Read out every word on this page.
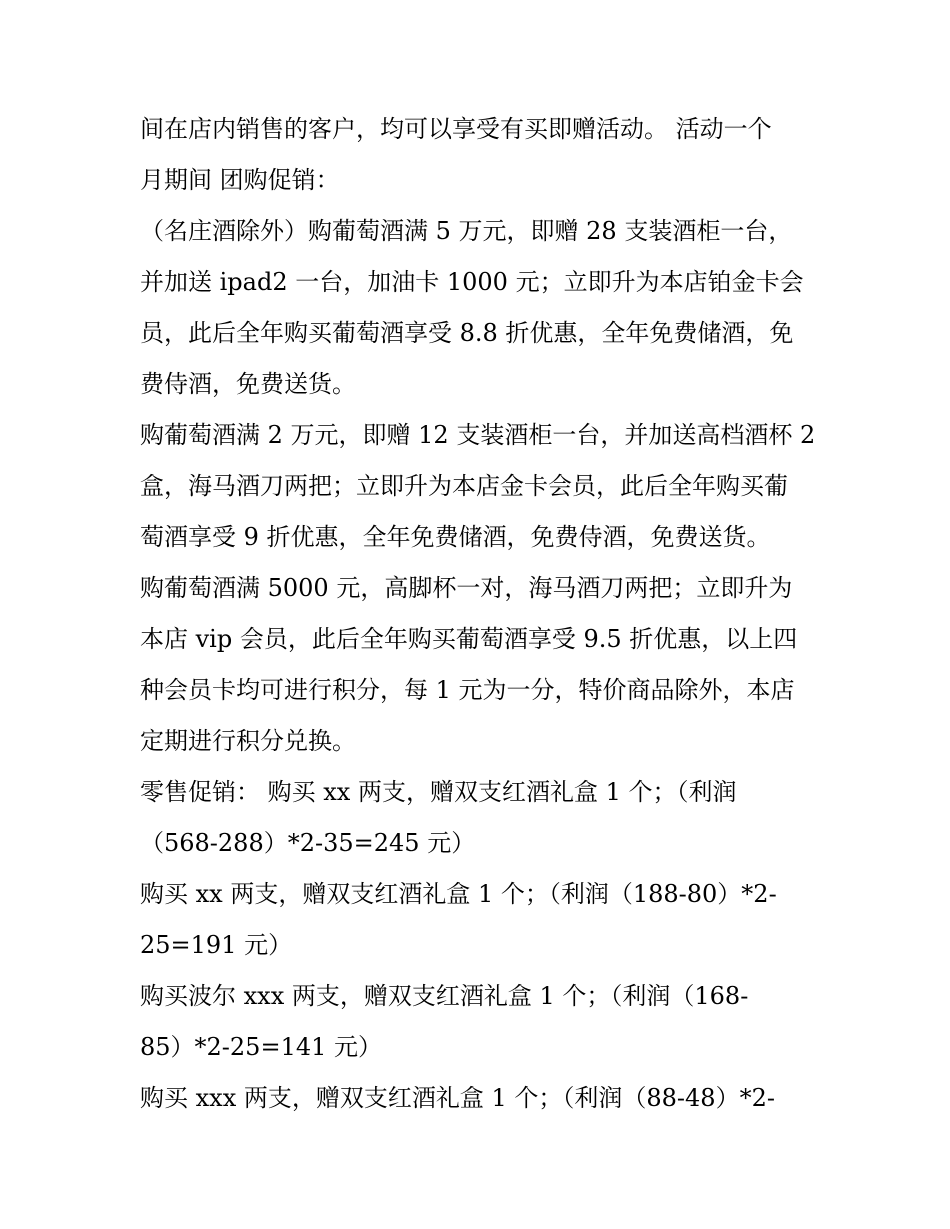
间在店内销售的客户，均可以享受有买即赠活动。 活动一个

月期间 团购促销：

（名庄酒除外）购葡萄酒满 5 万元，即赠 28 支装酒柜一台，

并加送 ipad2 一台，加油卡 1000 元；立即升为本店铂金卡会

员，此后全年购买葡萄酒享受 8.8 折优惠，全年免费储酒，免

费侍酒，免费送货。

购葡萄酒满 2 万元，即赠 12 支装酒柜一台，并加送高档酒杯 2

盒，海马酒刀两把；立即升为本店金卡会员，此后全年购买葡

萄酒享受 9 折优惠，全年免费储酒，免费侍酒，免费送货。

购葡萄酒满 5000 元，高脚杯一对，海马酒刀两把；立即升为

本店 vip 会员，此后全年购买葡萄酒享受 9.5 折优惠，以上四

种会员卡均可进行积分，每 1 元为一分，特价商品除外，本店

定期进行积分兑换。

零售促销： 购买 xx 两支，赠双支红酒礼盒 1 个；（利润

（568-288）*2-35=245 元）

购买 xx 两支，赠双支红酒礼盒 1 个；（利润（188-80）*2-

25=191 元）

购买波尔 xxx 两支，赠双支红酒礼盒 1 个；（利润（168-

85）*2-25=141 元）

购买 xxx 两支，赠双支红酒礼盒 1 个；（利润（88-48）*2-
